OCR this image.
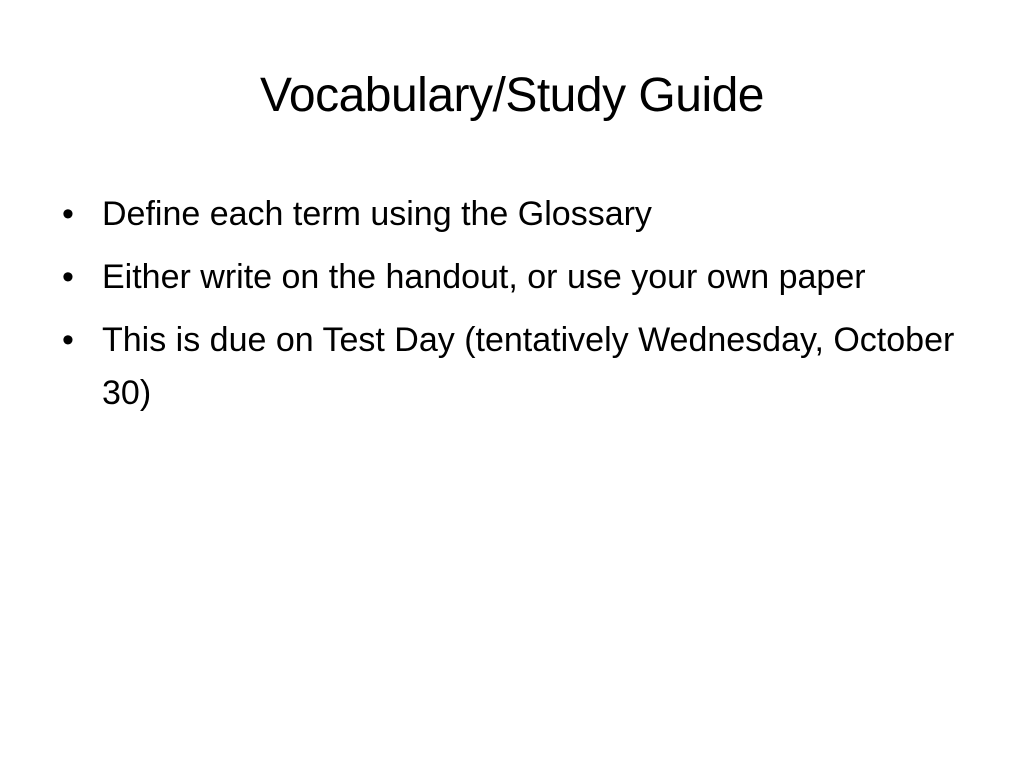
Vocabulary/Study Guide
• Define each term using the Glossary
• Either write on the handout, or use your own paper
• This is due on Test Day (tentatively Wednesday, October 30)
